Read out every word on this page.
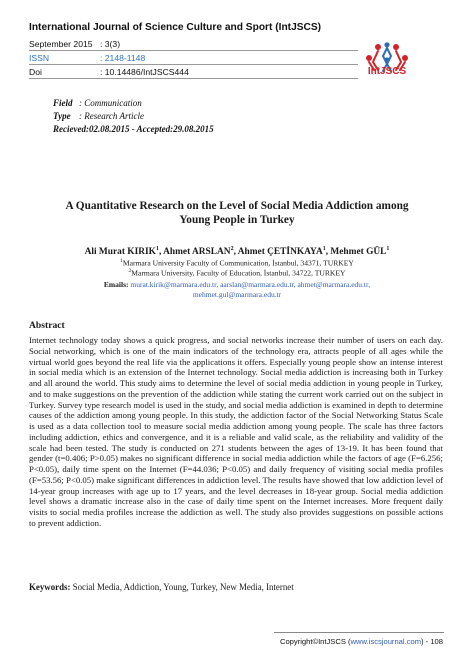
International Journal of Science Culture and Sport (IntJSCS)
September 2015 : 3(3)
ISSN	: 2148-1148
Doi	: 10.14486/IntJSCS444	IntJSCS
Field : Communication
Type : Research Article
Recieved:02.08.2015 - Accepted:29.08.2015
A Quantitative Research on the Level of Social Media Addiction among
Young People in Turkey
Ali Murat KIRIK$^1$, Ahmet ARSLAN$^2$, Ahmet ÇETİNKAYA$^1$, Mehmet GÜL$^1$
$^1$Marmara University Faculty of Communication, İstanbul, 34371, TURKEY
$^2$Marmara University, Faculty of Education, İstanbul, 34722, TURKEY
Emails: murat.kirik@marmara.edu.tr, aarslan@marmara.edu.tr, ahmet@marmara.edu.tr,
mehmet.gul@marmara.edu.tr
Abstract

Internet technology today shows a quick progress, and social networks increase their number of users on each day. Social networking, which is one of the main indicators of the technology era, attracts people of all ages while the virtual world goes beyond the real life via the applications it offers. Especially young people show an intense interest in social media which is an extension of the Internet technology. Social media addiction is increasing both in Turkey and all around the world. This study aims to determine the level of social media addiction in young people in Turkey, and to make suggestions on the prevention of the addiction while stating the current work carried out on the subject in Turkey. Survey type research model is used in the study, and social media addiction is examined in depth to determine causes of the addiction among young people. In this study, the addiction factor of the Social Networking Status Scale is used as a data collection tool to measure social media addiction among young people. The scale has three factors including addiction, ethics and convergence, and it is a reliable and valid scale, as the reliability and validity of the scale had been tested. The study is conducted on 271 students between the ages of 13-19. It has been found that gender (t=0.406; P>0.05) makes no significant difference in social media addiction while the factors of age (F=6.256; P<0.05), daily time spent on the Internet (F=44.036; P<0.05) and daily frequency of visiting social media profiles (F=53.56; P<0.05) make significant differences in addiction level. The results have showed that low addiction level of 14-year group increases with age up to 17 years, and the level decreases in 18-year group. Social media addiction level shows a dramatic increase also in the case of daily time spent on the Internet increases. More frequent daily visits to social media profiles increase the addiction as well. The study also provides suggestions on possible actions to prevent addiction.

Keywords: Social Media, Addiction, Young, Turkey, New Media, Internet
Copyright©IntJSCS (www.iscsjournal.com) - 108
